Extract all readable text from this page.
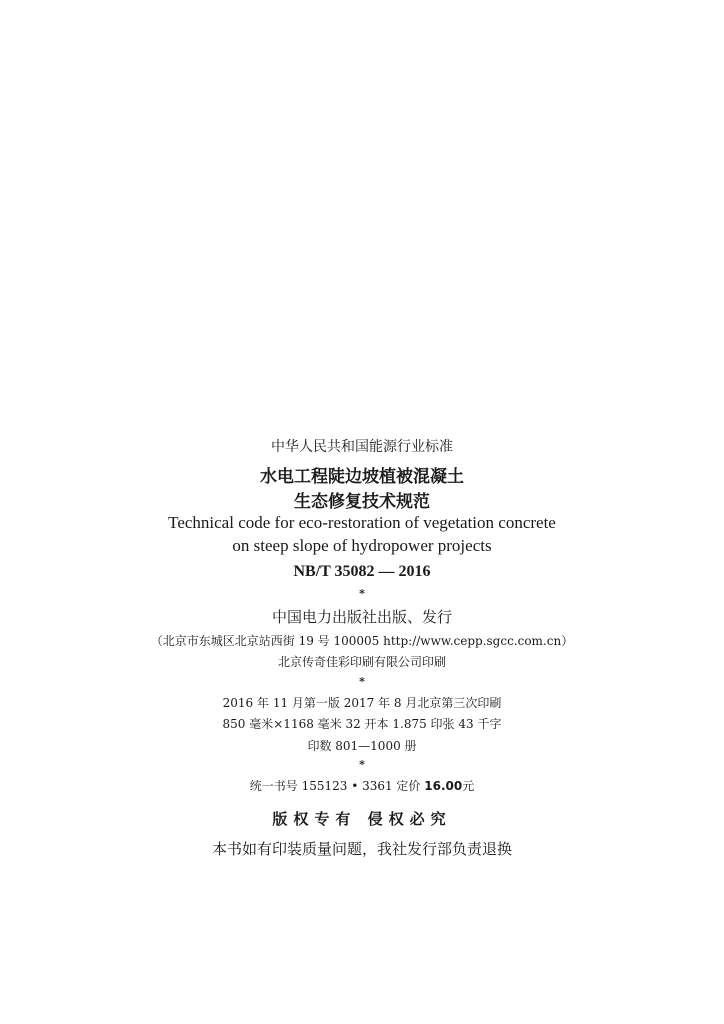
中华人民共和国能源行业标准
水电工程陡边坡植被混凝土
生态修复技术规范
Technical code for eco-restoration of vegetation concrete
on steep slope of hydropower projects
NB/T 35082 — 2016
*
中国电力出版社出版、发行
（北京市东城区北京站西街 19 号 100005 http://www.cepp.sgcc.com.cn）
北京传奇佳彩印刷有限公司印刷
*
2016 年 11 月第一版 2017 年 8 月北京第三次印刷
850 毫米×1168 毫米 32 开本 1.875 印张 43 千字
印数 801—1000 册
*
统一书号 155123 • 3361 定价 16.00元
版权专有 侵权必究
本书如有印装质量问题，我社发行部负责退换
